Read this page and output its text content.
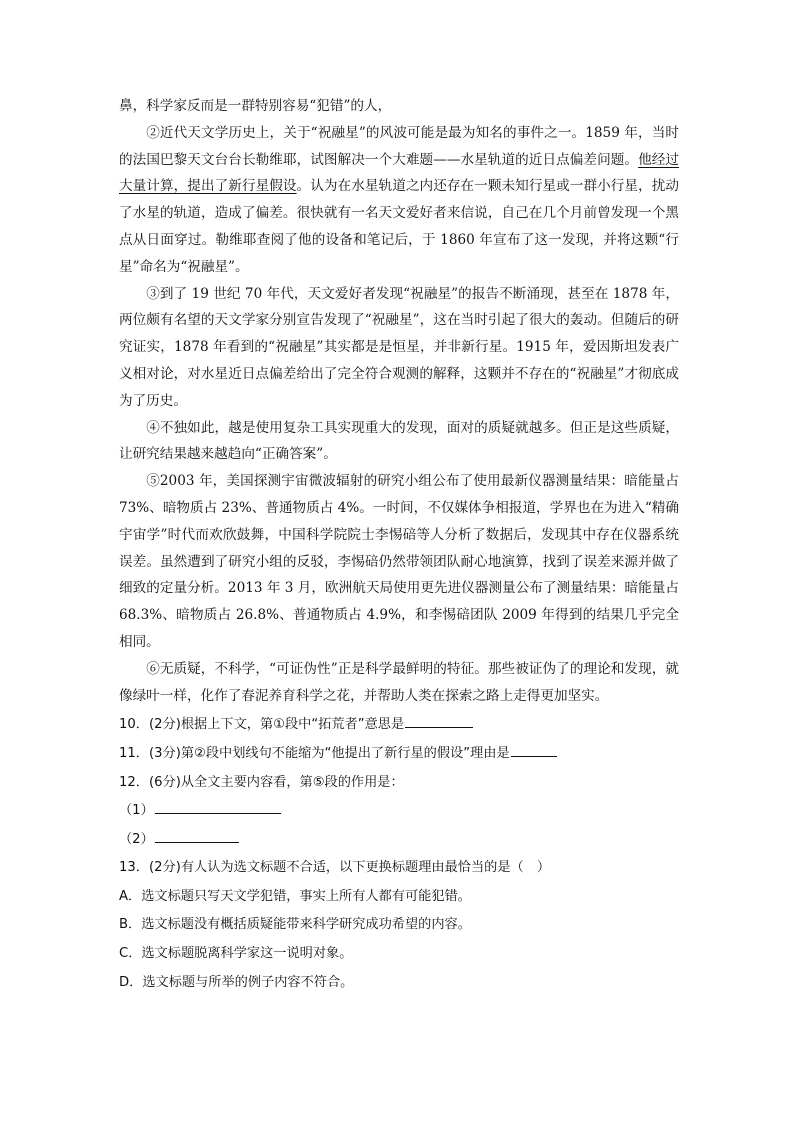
鼻，科学家反而是一群特别容易“犯错”的人，

②近代天文学历史上，关于“祝融星”的风波可能是最为知名的事件之一。1859 年，当时的法国巴黎天文台台长勒维耶，试图解决一个大难题——水星轨道的近日点偏差问题。他经过大量计算，提出了新行星假设。认为在水星轨道之内还存在一颗未知行星或一群小行星，扰动了水星的轨道，造成了偏差。很快就有一名天文爱好者来信说，自己在几个月前曾发现一个黑点从日面穿过。勒维耶查阅了他的设备和笔记后，于 1860 年宣布了这一发现，并将这颗“行星”命名为“祝融星”。

③到了 19 世纪 70 年代，天文爱好者发现“祝融星”的报告不断涌现，甚至在 1878 年，两位颇有名望的天文学家分别宣告发现了“祝融星”，这在当时引起了很大的轰动。但随后的研究证实，1878 年看到的“祝融星”其实都是是恒星，并非新行星。1915 年，爱因斯坦发表广义相对论，对水星近日点偏差给出了完全符合观测的解释，这颗并不存在的“祝融星”才彻底成为了历史。

④不独如此，越是使用复杂工具实现重大的发现，面对的质疑就越多。但正是这些质疑，让研究结果越来越趋向“正确答案”。

⑤2003 年，美国探测宇宙微波辐射的研究小组公布了使用最新仪器测量结果：暗能量占 73%、暗物质占 23%、普通物质占 4%。一时间，不仅媒体争相报道，学界也在为进入“精确宇宙学”时代而欢欣鼓舞，中国科学院院士李惕碚等人分析了数据后，发现其中存在仪器系统误差。虽然遭到了研究小组的反驳，李惕碚仍然带领团队耐心地演算，找到了误差来源并做了细致的定量分析。2013 年 3 月，欧洲航天局使用更先进仪器测量公布了测量结果：暗能量占 68.3%、暗物质占 26.8%、普通物质占 4.9%，和李惕碚团队 2009 年得到的结果几乎完全相同。

⑥无质疑，不科学，“可证伪性”正是科学最鲜明的特征。那些被证伪了的理论和发现，就像绿叶一样，化作了春泥养育科学之花，并帮助人类在探索之路上走得更加坚实。

10．(2分)根据上下文，第①段中“拓荒者”意思是

11．(3分)第②段中划线句不能缩为“他提出了新行星的假设”理由是

12．(6分)从全文主要内容看，第⑤段的作用是：

（1）

（2）

13．(2分)有人认为选文标题不合适，以下更换标题理由最恰当的是（　）

A．选文标题只写天文学犯错，事实上所有人都有可能犯错。

B．选文标题没有概括质疑能带来科学研究成功希望的内容。

C．选文标题脱离科学家这一说明对象。

D．选文标题与所举的例子内容不符合。
